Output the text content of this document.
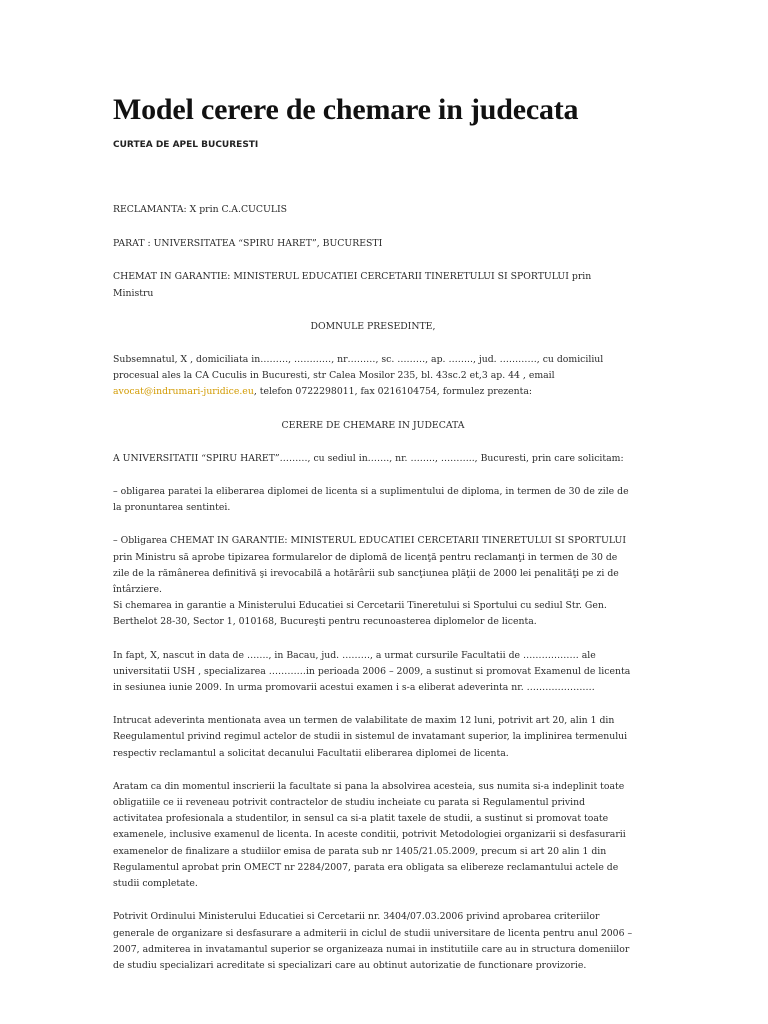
Model cerere de chemare in judecata
CURTEA DE APEL BUCURESTI

RECLAMANTA: X prin C.A.CUCULIS

PARAT : UNIVERSITATEA “SPIRU HARET”, BUCURESTI

CHEMAT IN GARANTIE: MINISTERUL EDUCATIEI CERCETARII TINERETULUI SI SPORTULUI prin Ministru

DOMNULE PRESEDINTE,

Subsemnatul, X , domiciliata in………, …………, nr………, sc. ………, ap. …….., jud. …………, cu domiciliul procesual ales la CA Cuculis in Bucuresti, str Calea Mosilor 235, bl. 43sc.2 et,3 ap. 44 , email avocat@indrumari-juridice.eu, telefon 0722298011, fax 0216104754, formulez prezenta:

CERERE DE CHEMARE IN JUDECATA

A UNIVERSITATII “SPIRU HARET”………, cu sediul in……., nr. …….., ……….., Bucuresti, prin care solicitam:

– obligarea paratei la eliberarea diplomei de licenta si a suplimentului de diploma, in termen de 30 de zile de la pronuntarea sentintei.

– Obligarea CHEMAT IN GARANTIE: MINISTERUL EDUCATIEI CERCETARII TINERETULUI SI SPORTULUI prin Ministru să aprobe tipizarea formularelor de diplomă de licenţă pentru reclamanţi in termen de 30 de zile de la rămânerea definitivă şi irevocabilă a hotărârii sub sancţiunea plăţii de 2000 lei penalităţi pe zi de întârziere.

Si chemarea in garantie a Ministerului Educatiei si Cercetarii Tineretului si Sportului cu sediul Str. Gen. Berthelot 28-30, Sector 1, 010168, Bucureşti pentru recunoasterea diplomelor de licenta.

In fapt, X, nascut in data de ……., in Bacau, jud. ………, a urmat cursurile Facultatii de ……………… ale universitatii USH , specializarea …………in perioada 2006 – 2009, a sustinut si promovat Examenul de licenta in sesiunea iunie 2009. In urma promovarii acestui examen i s-a eliberat adeverinta nr. ………………….

Intrucat adeverinta mentionata avea un termen de valabilitate de maxim 12 luni, potrivit art 20, alin 1 din Reegulamentul privind regimul actelor de studii in sistemul de invatamant superior, la implinirea termenului respectiv reclamantul a solicitat decanului Facultatii eliberarea diplomei de licenta.

Aratam ca din momentul inscrierii la facultate si pana la absolvirea acesteia, sus numita si-a indeplinit toate obligatiile ce ii reveneau potrivit contractelor de studiu incheiate cu parata si Regulamentul privind activitatea profesionala a studentilor, in sensul ca si-a platit taxele de studii, a sustinut si promovat toate examenele, inclusive examenul de licenta. In aceste conditii, potrivit Metodologiei organizarii si desfasurarii examenelor de finalizare a studiilor emisa de parata sub nr 1405/21.05.2009, precum si art 20 alin 1 din Regulamentul aprobat prin OMECT nr 2284/2007, parata era obligata sa elibereze reclamantului actele de studii completate.

Potrivit Ordinului Ministerului Educatiei si Cercetarii nr. 3404/07.03.2006 privind aprobarea criteriilor generale de organizare si desfasurare a admiterii in ciclul de studii universitare de licenta pentru anul 2006 – 2007, admiterea in invatamantul superior se organizeaza numai in institutiile care au in structura domeniilor de studiu specializari acreditate si specializari care au obtinut autorizatie de functionare provizorie.
